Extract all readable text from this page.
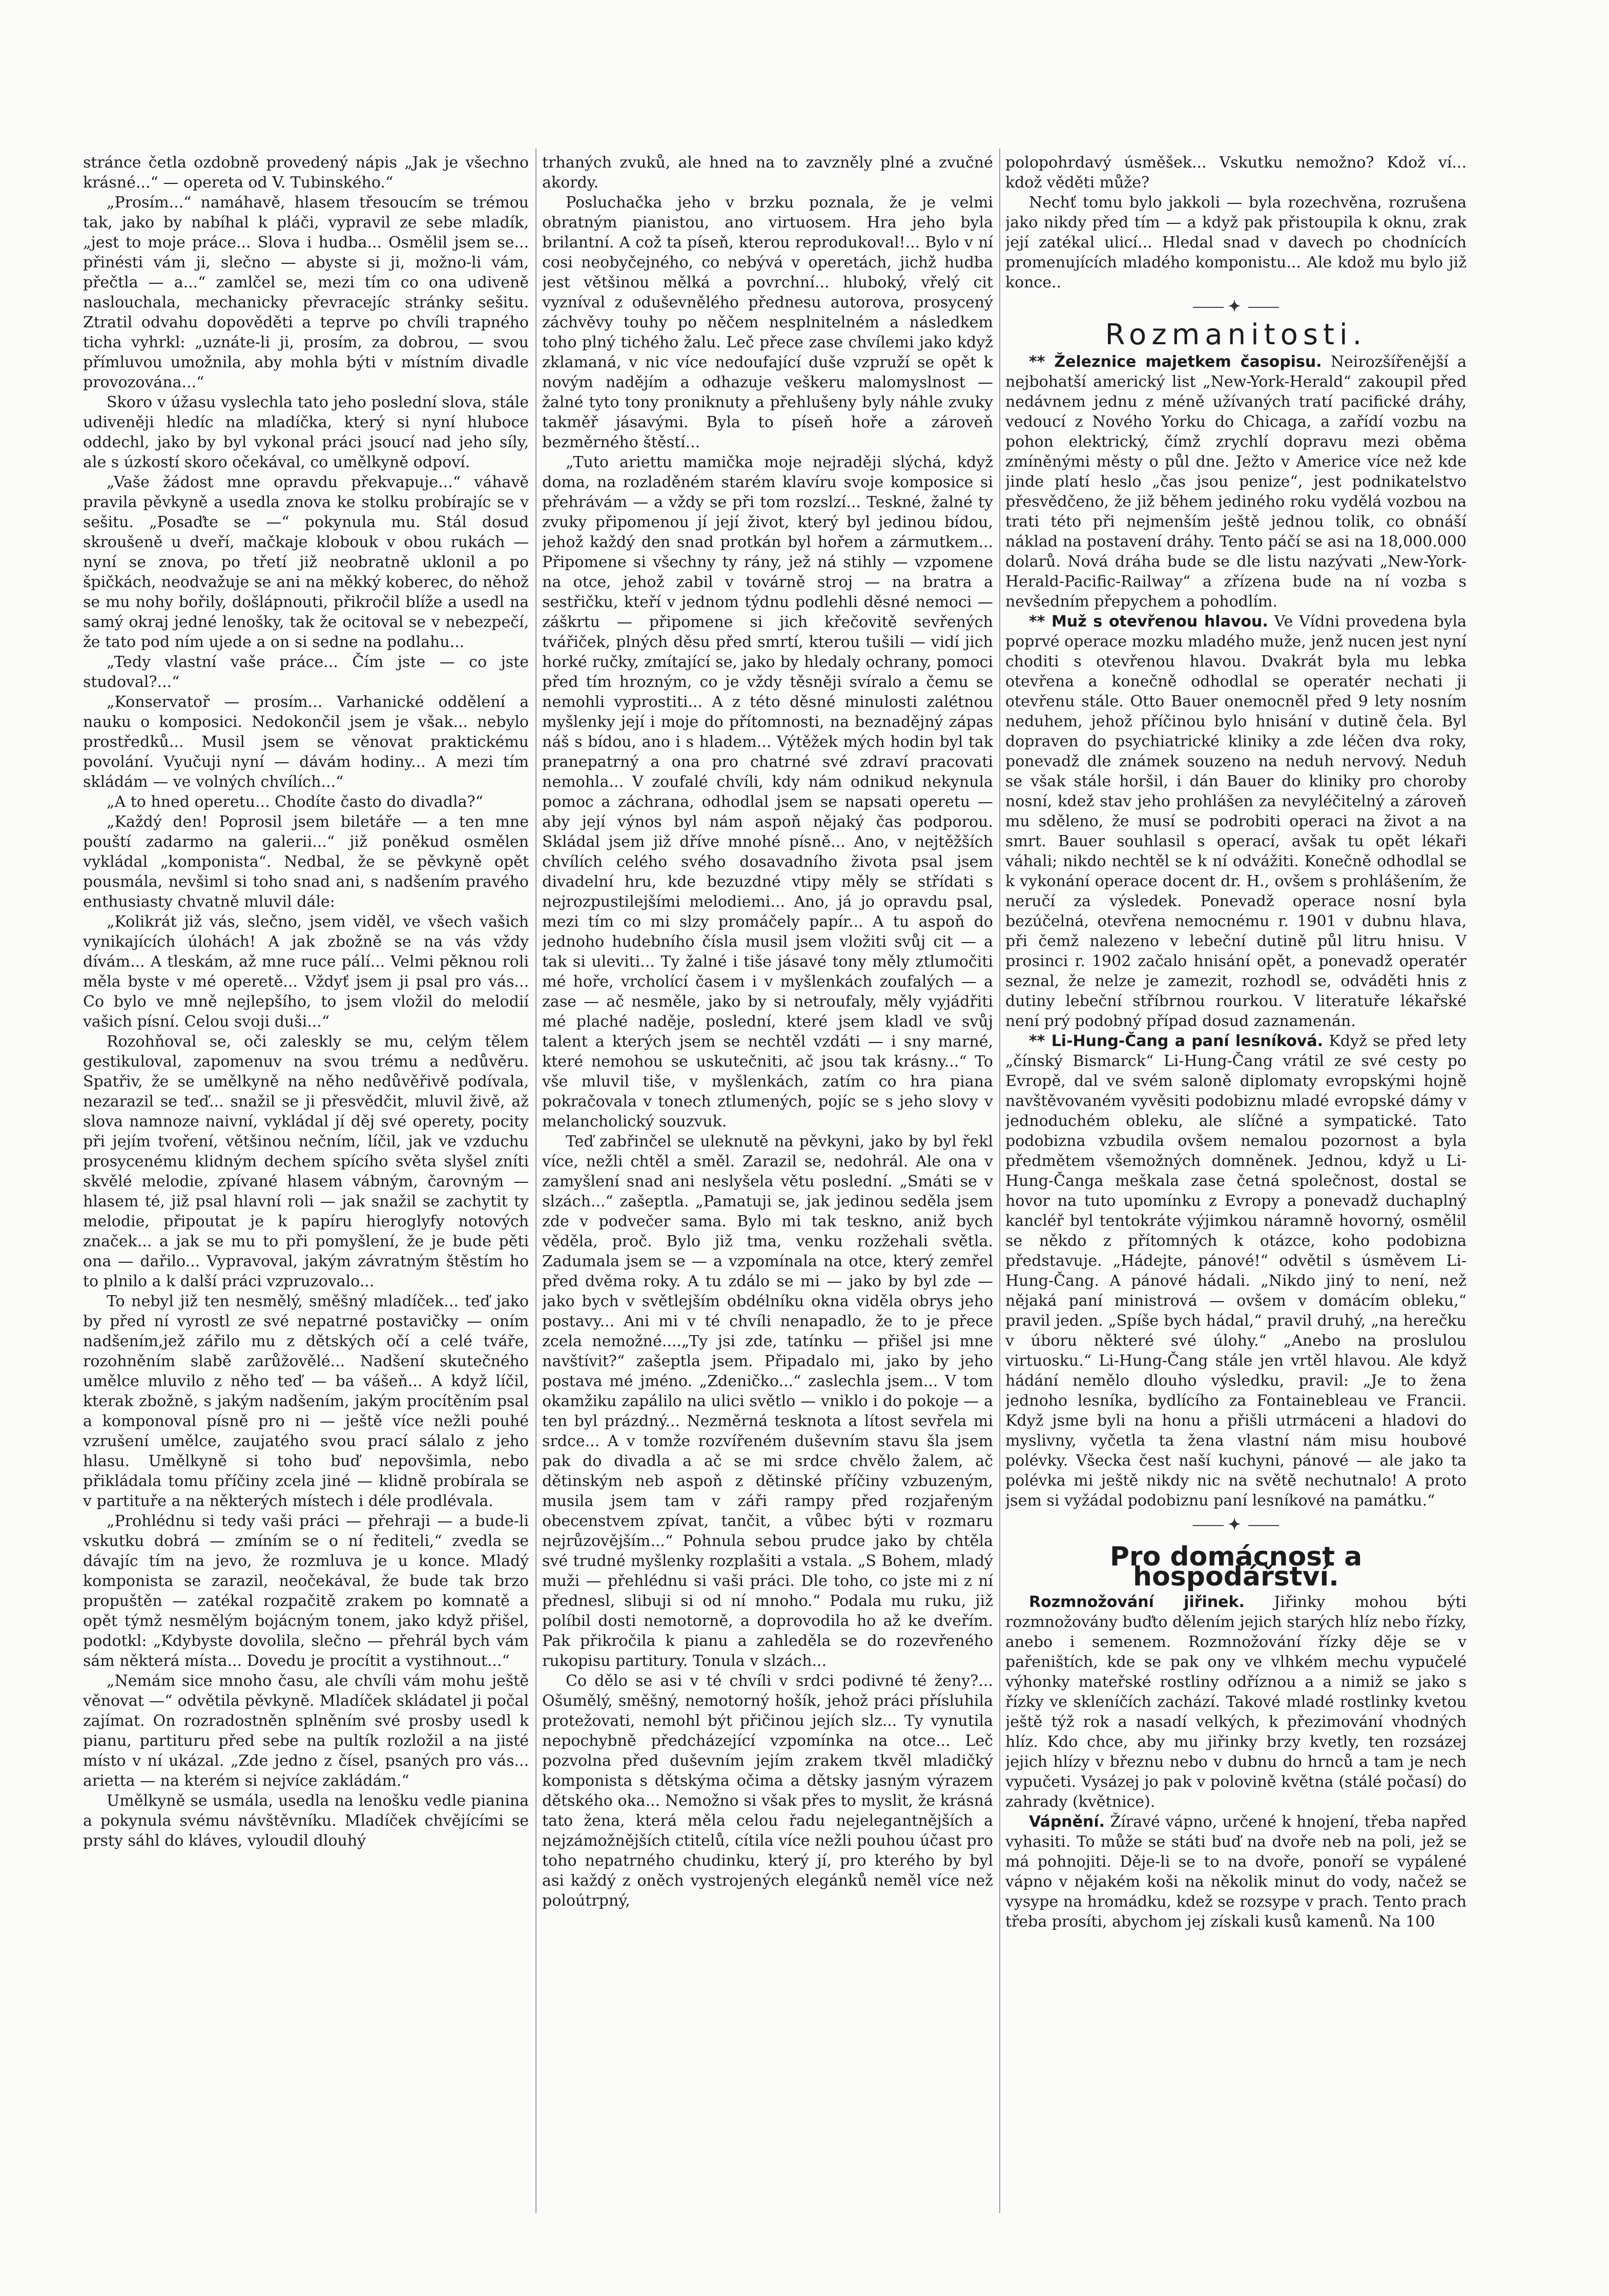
stránce četla ozdobně provedený nápis „Jak je všechno krásné...“ — opereta od V. Tubinského.“

„Prosím...“ namáhavě, hlasem třesoucím se trémou tak, jako by nabíhal k pláči, vypravil ze sebe mladík, „jest to moje práce... Slova i hudba... Osmělil jsem se... přinésti vám ji, slečno — abyste si ji, možno-li vám, přečtla — a...“ zamlčel se, mezi tím co ona udiveně naslouchala, mechanicky převracejíc stránky sešitu. Ztratil odvahu dopověděti a teprve po chvíli trapného ticha vyhrkl: „uznáte-li ji, prosím, za dobrou, — svou přímluvou umožnila, aby mohla býti v místním divadle provozována...“

Skoro v úžasu vyslechla tato jeho poslední slova, stále udiveněji hledíc na mladíčka, který si nyní hluboce oddechl, jako by byl vykonal práci jsoucí nad jeho síly, ale s úzkostí skoro očekával, co umělkyně odpoví.

„Vaše žádost mne opravdu překvapuje...“ váhavě pravila pěvkyně a usedla znova ke stolku probírajíc se v sešitu. „Posaďte se —“ pokynula mu. Stál dosud skroušeně u dveří, mačkaje klobouk v obou rukách — nyní se znova, po třetí již neobratně uklonil a po špičkách, neodvažuje se ani na měkký koberec, do něhož se mu nohy bořily, došlápnouti, přikročil blíže a usedl na samý okraj jedné lenošky, tak že ocitoval se v nebezpečí, že tato pod ním ujede a on si sedne na podlahu...

„Tedy vlastní vaše práce... Čím jste — co jste studoval?...“

„Konservatoř — prosím... Varhanické oddělení a nauku o komposici. Nedokončil jsem je však... nebylo prostředků... Musil jsem se věnovat praktickému povolání. Vyučuji nyní — dávám hodiny... A mezi tím skládám — ve volných chvílích...“

„A to hned operetu... Chodíte často do divadla?“

„Každý den! Poprosil jsem biletáře — a ten mne pouští zadarmo na galerii...“ již poněkud osmělen vykládal „komponista“. Nedbal, že se pěvkyně opět pousmála, nevšiml si toho snad ani, s nadšením pravého enthusiasty chvatně mluvil dále:

„Kolikrát již vás, slečno, jsem viděl, ve všech vašich vynikajících úlohách! A jak zbožně se na vás vždy dívám... A tleskám, až mne ruce pálí... Velmi pěknou roli měla byste v mé operetě... Vždyť jsem ji psal pro vás... Co bylo ve mně nejlepšího, to jsem vložil do melodií vašich písní. Celou svoji duši...“

Rozohňoval se, oči zaleskly se mu, celým tělem gestikuloval, zapomenuv na svou trému a nedůvěru. Spatřiv, že se umělkyně na něho nedůvěřivě podívala, nezarazil se teď... snažil se ji přesvědčit, mluvil živě, až slova namnoze naivní, vykládal jí děj své operety, pocity při jejím tvoření, většinou nečním, líčil, jak ve vzduchu prosycenému klidným dechem spícího světa slyšel zníti skvělé melodie, zpívané hlasem vábným, čarovným — hlasem té, již psal hlavní roli — jak snažil se zachytit ty melodie, připoutat je k papíru hieroglyfy notových značek... a jak se mu to při pomyšlení, že je bude pěti ona — dařilo... Vypravoval, jakým závratným štěstím ho to plnilo a k další práci vzpruzovalo...

To nebyl již ten nesmělý, směšný mladíček... teď jako by před ní vyrostl ze své nepatrné postavičky — oním nadšením,jež zářilo mu z dětských očí a celé tváře, rozohněním slabě zarůžovělé... Nadšení skutečného umělce mluvilo z něho teď — ba vášeň... A když líčil, kterak zbožně, s jakým nadšením, jakým procítěním psal a komponoval písně pro ni — ještě více nežli pouhé vzrušení umělce, zaujatého svou prací sálalo z jeho hlasu. Umělkyně si toho buď nepovšimla, nebo přikládala tomu příčiny zcela jiné — klidně probírala se v partituře a na některých místech i déle prodlévala.

„Prohlédnu si tedy vaši práci — přehraji — a bude-li vskutku dobrá — zmíním se o ní řediteli,“ zvedla se dávajíc tím na jevo, že rozmluva je u konce. Mladý komponista se zarazil, neočekával, že bude tak brzo propuštěn — zatékal rozpačitě zrakem po komnatě a opět týmž nesmělým bojácným tonem, jako když přišel, podotkl: „Kdybyste dovolila, slečno — přehrál bych vám sám některá místa... Dovedu je procítit a vystihnout...“

„Nemám sice mnoho času, ale chvíli vám mohu ještě věnovat —“ odvětila pěvkyně. Mladíček skládatel ji počal zajímat. On rozradostněn splněním své prosby usedl k pianu, partituru před sebe na pultík rozložil a na jisté místo v ní ukázal. „Zde jedno z čísel, psaných pro vás... arietta — na kterém si nejvíce zakládám.“

Umělkyně se usmála, usedla na lenošku vedle pianina a pokynula svému návštěvníku. Mladíček chvějícími se prsty sáhl do kláves, vyloudil dlouhý

trhaných zvuků, ale hned na to zavzněly plné a zvučné akordy.

Posluchačka jeho v brzku poznala, že je velmi obratným pianistou, ano virtuosem. Hra jeho byla brilantní. A což ta píseň, kterou reprodukoval!... Bylo v ní cosi neobyčejného, co nebývá v operetách, jichž hudba jest většinou mělká a povrchní... hluboký, vřelý cit vyzníval z oduševnělého přednesu autorova, prosycený záchvěvy touhy po něčem nesplnitelném a následkem toho plný tichého žalu. Leč přece zase chvílemi jako když zklamaná, v nic více nedoufající duše vzpruží se opět k novým nadějím a odhazuje veškeru malomyslnost — žalné tyto tony proniknuty a přehlušeny byly náhle zvuky takměř jásavými. Byla to píseň hoře a zároveň bezměrného štěstí...

„Tuto ariettu mamička moje nejraději slýchá, když doma, na rozladěném starém klavíru svoje komposice si přehrávám — a vždy se při tom rozslzí... Teskné, žalné ty zvuky připomenou jí její život, který byl jedinou bídou, jehož každý den snad protkán byl hořem a zármutkem... Připomene si všechny ty rány, jež ná stihly — vzpomene na otce, jehož zabil v továrně stroj — na bratra a sestřičku, kteří v jednom týdnu podlehli děsné nemoci — záškrtu — připomene si jich křečovitě sevřených tvářiček, plných děsu před smrtí, kterou tušili — vidí jich horké ručky, zmítající se, jako by hledaly ochrany, pomoci před tím hrozným, co je vždy těsněji svíralo a čemu se nemohli vyprostiti... A z této děsné minulosti zalétnou myšlenky její i moje do přítomnosti, na beznadějný zápas náš s bídou, ano i s hladem... Výtěžek mých hodin byl tak pranepatrný a ona pro chatrné své zdraví pracovati nemohla... V zoufalé chvíli, kdy nám odnikud nekynula pomoc a záchrana, odhodlal jsem se napsati operetu — aby její výnos byl nám aspoň nějaký čas podporou. Skládal jsem již dříve mnohé písně... Ano, v nejtěžších chvílích celého svého dosavadního života psal jsem divadelní hru, kde bezuzdné vtipy měly se střídati s nejrozpustilejšími melodiemi... Ano, já jo opravdu psal, mezi tím co mi slzy promáčely papír... A tu aspoň do jednoho hudebního čísla musil jsem vložiti svůj cit — a tak si uleviti... Ty žalné i tiše jásavé tony měly ztlumočiti mé hoře, vrcholící časem i v myšlenkách zoufalých — a zase — ač nesměle, jako by si netroufaly, měly vyjádřiti mé plaché naděje, poslední, které jsem kladl ve svůj talent a kterých jsem se nechtěl vzdáti — i sny marné, které nemohou se uskutečniti, ač jsou tak krásny...“ To vše mluvil tiše, v myšlenkách, zatím co hra piana pokračovala v tonech ztlumených, pojíc se s jeho slovy v melancholický souzvuk.

Teď zabřinčel se uleknutě na pěvkyni, jako by byl řekl více, nežli chtěl a směl. Zarazil se, nedohrál. Ale ona v zamyšlení snad ani neslyšela větu poslední. „Smáti se v slzách...“ zašeptla. „Pamatuji se, jak jedinou seděla jsem zde v podvečer sama. Bylo mi tak teskno, aniž bych věděla, proč. Bylo již tma, venku rozžehali světla. Zadumala jsem se — a vzpomínala na otce, který zemřel před dvěma roky. A tu zdálo se mi — jako by byl zde — jako bych v světlejším obdélníku okna viděla obrys jeho postavy... Ani mi v té chvíli nenapadlo, že to je přece zcela nemožné....„Ty jsi zde, tatínku — přišel jsi mne navštívit?“ zašeptla jsem. Připadalo mi, jako by jeho postava mé jméno. „Zdeničko...“ zaslechla jsem... V tom okamžiku zapálilo na ulici světlo — vniklo i do pokoje — a ten byl prázdný... Nezměrná tesknota a lítost sevřela mi srdce... A v tomže rozvířeném duševním stavu šla jsem pak do divadla a ač se mi srdce chvělo žalem, ač dětinským neb aspoň z dětinské příčiny vzbuzeným, musila jsem tam v záři rampy před rozjařeným obecenstvem zpívat, tančit, a vůbec býti v rozmaru nejrůzovějším...“ Pohnula sebou prudce jako by chtěla své trudné myšlenky rozplašiti a vstala. „S Bohem, mladý muži — přehlédnu si vaši práci. Dle toho, co jste mi z ní přednesl, slibuji si od ní mnoho.“ Podala mu ruku, již políbil dosti nemotorně, a doprovodila ho až ke dveřím. Pak přikročila k pianu a zahleděla se do rozevřeného rukopisu partitury. Tonula v slzách...

Co dělo se asi v té chvíli v srdci podivné té ženy?... Ošumělý, směšný, nemotorný hošík, jehož práci přísluhila protežovati, nemohl být přičinou jejích slz... Ty vynutila nepochybně předcházející vzpomínka na otce... Leč pozvolna před duševním jejím zrakem tkvěl mladičký komponista s dětskýma očima a dětsky jasným výrazem dětského oka... Nemožno si však přes to myslit, že krásná tato žena, která měla celou řadu nejelegantnějších a nejzámožnějších ctitelů, cítila více nežli pouhou účast pro toho nepatrného chudinku, který jí, pro kterého by byl asi každý z oněch vystrojených elegánků neměl více než poloútrpný,

polopohrdavý úsměšek... Vskutku nemožno? Kdož ví... kdož věděti může?

Nechť tomu bylo jakkoli — byla rozechvěna, rozrušena jako nikdy před tím — a když pak přistoupila k oknu, zrak její zatékal ulicí... Hledal snad v davech po chodnících promenujících mladého komponistu... Ale kdož mu bylo již konce..

✦
Rozmanitosti.

** Železnice majetkem časopisu. Neirozšířenější a nejbohatší americký list „New-York-Herald“ zakoupil před nedávnem jednu z méně užívaných tratí pacifické dráhy, vedoucí z Nového Yorku do Chicaga, a zařídí vozbu na pohon elektrický, čímž zrychlí dopravu mezi oběma zmíněnými městy o půl dne. Ježto v Americe více než kde jinde platí heslo „čas jsou penize“, jest podnikatelstvo přesvědčeno, že již během jediného roku vydělá vozbou na trati této při nejmenším ještě jednou tolik, co obnáší náklad na postavení dráhy. Tento páčí se asi na 18,000.000 dolarů. Nová dráha bude se dle listu nazývati „New-York-Herald-Pacific-Railway“ a zřízena bude na ní vozba s nevšedním přepychem a pohodlím.

** Muž s otevřenou hlavou. Ve Vídni provedena byla poprvé operace mozku mladého muže, jenž nucen jest nyní choditi s otevřenou hlavou. Dvakrát byla mu lebka otevřena a konečně odhodlal se operatér nechati ji otevřenu stále. Otto Bauer onemocněl před 9 lety nosním neduhem, jehož příčinou bylo hnisání v dutině čela. Byl dopraven do psychiatrické kliniky a zde léčen dva roky, ponevadž dle známek souzeno na neduh nervový. Neduh se však stále horšil, i dán Bauer do kliniky pro choroby nosní, kdež stav jeho prohlášen za nevyléčitelný a zároveň mu sděleno, že musí se podrobiti operaci na život a na smrt. Bauer souhlasil s operací, avšak tu opět lékaři váhali; nikdo nechtěl se k ní odvážiti. Konečně odhodlal se k vykonání operace docent dr. H., ovšem s prohlášením, že neručí za výsledek. Ponevadž operace nosní byla bezúčelná, otevřena nemocnému r. 1901 v dubnu hlava, při čemž nalezeno v lebeční dutině půl litru hnisu. V prosinci r. 1902 začalo hnisání opět, a ponevadž operatér seznal, že nelze je zamezit, rozhodl se, odváděti hnis z dutiny lebeční stříbrnou rourkou. V literatuře lékařské není prý podobný případ dosud zaznamenán.

** Li-Hung-Čang a paní lesníková. Když se před lety „čínský Bismarck“ Li-Hung-Čang vrátil ze své cesty po Evropě, dal ve svém saloně diplomaty evropskými hojně navštěvovaném vyvěsiti podobiznu mladé evropské dámy v jednoduchém obleku, ale slíčné a sympatické. Tato podobizna vzbudila ovšem nemalou pozornost a byla předmětem všemožných domněnek. Jednou, když u Li-Hung-Čanga meškala zase četná společnost, dostal se hovor na tuto upomínku z Evropy a ponevadž duchaplný kancléř byl tentokráte výjimkou náramně hovorný, osmělil se někdo z přítomných k otázce, koho podobizna představuje. „Hádejte, pánové!“ odvětil s úsměvem Li-Hung-Čang. A pánové hádali. „Nikdo jiný to není, než nějaká paní ministrová — ovšem v domácím obleku,“ pravil jeden. „Spíše bych hádal,“ pravil druhý, „na herečku v úboru některé své úlohy.“ „Anebo na proslulou virtuosku.“ Li-Hung-Čang stále jen vrtěl hlavou. Ale když hádání nemělo dlouho výsledku, pravil: „Je to žena jednoho lesníka, bydlícího za Fontainebleau ve Francii. Když jsme byli na honu a přišli utrmáceni a hladovi do myslivny, vyčetla ta žena vlastní nám misu houbové polévky. Všecka čest naší kuchyni, pánové — ale jako ta polévka mi ještě nikdy nic na světě nechutnalo! A proto jsem si vyžádal podobiznu paní lesníkové na památku.“

✦
Pro domácnost a hospodářství.

Rozmnožování jiřinek. Jiřinky mohou býti rozmnožovány buďto dělením jejich starých hlíz nebo řízky, anebo i semenem. Rozmnožování řízky děje se v pařeništích, kde se pak ony ve vlhkém mechu vypučelé výhonky mateřské rostliny odříznou a a nimiž se jako s řízky ve skleníčích zachází. Takové mladé rostlinky kvetou ještě týž rok a nasadí velkých, k přezimování vhodných hlíz. Kdo chce, aby mu jiřinky brzy kvetly, ten rozsázej jejich hlízy v březnu nebo v dubnu do hrnců a tam je nech vypučeti. Vysázej jo pak v polovině května (stálé počasí) do zahrady (květnice).

Vápnění. Žíravé vápno, určené k hnojení, třeba napřed vyhasiti. To může se státi buď na dvoře neb na poli, jež se má pohnojiti. Děje-li se to na dvoře, ponoří se vypálené vápno v nějakém koši na několik minut do vody, načež se vysype na hromádku, kdež se rozsype v prach. Tento prach třeba prosíti, abychom jej získali kusů kamenů. Na 100
